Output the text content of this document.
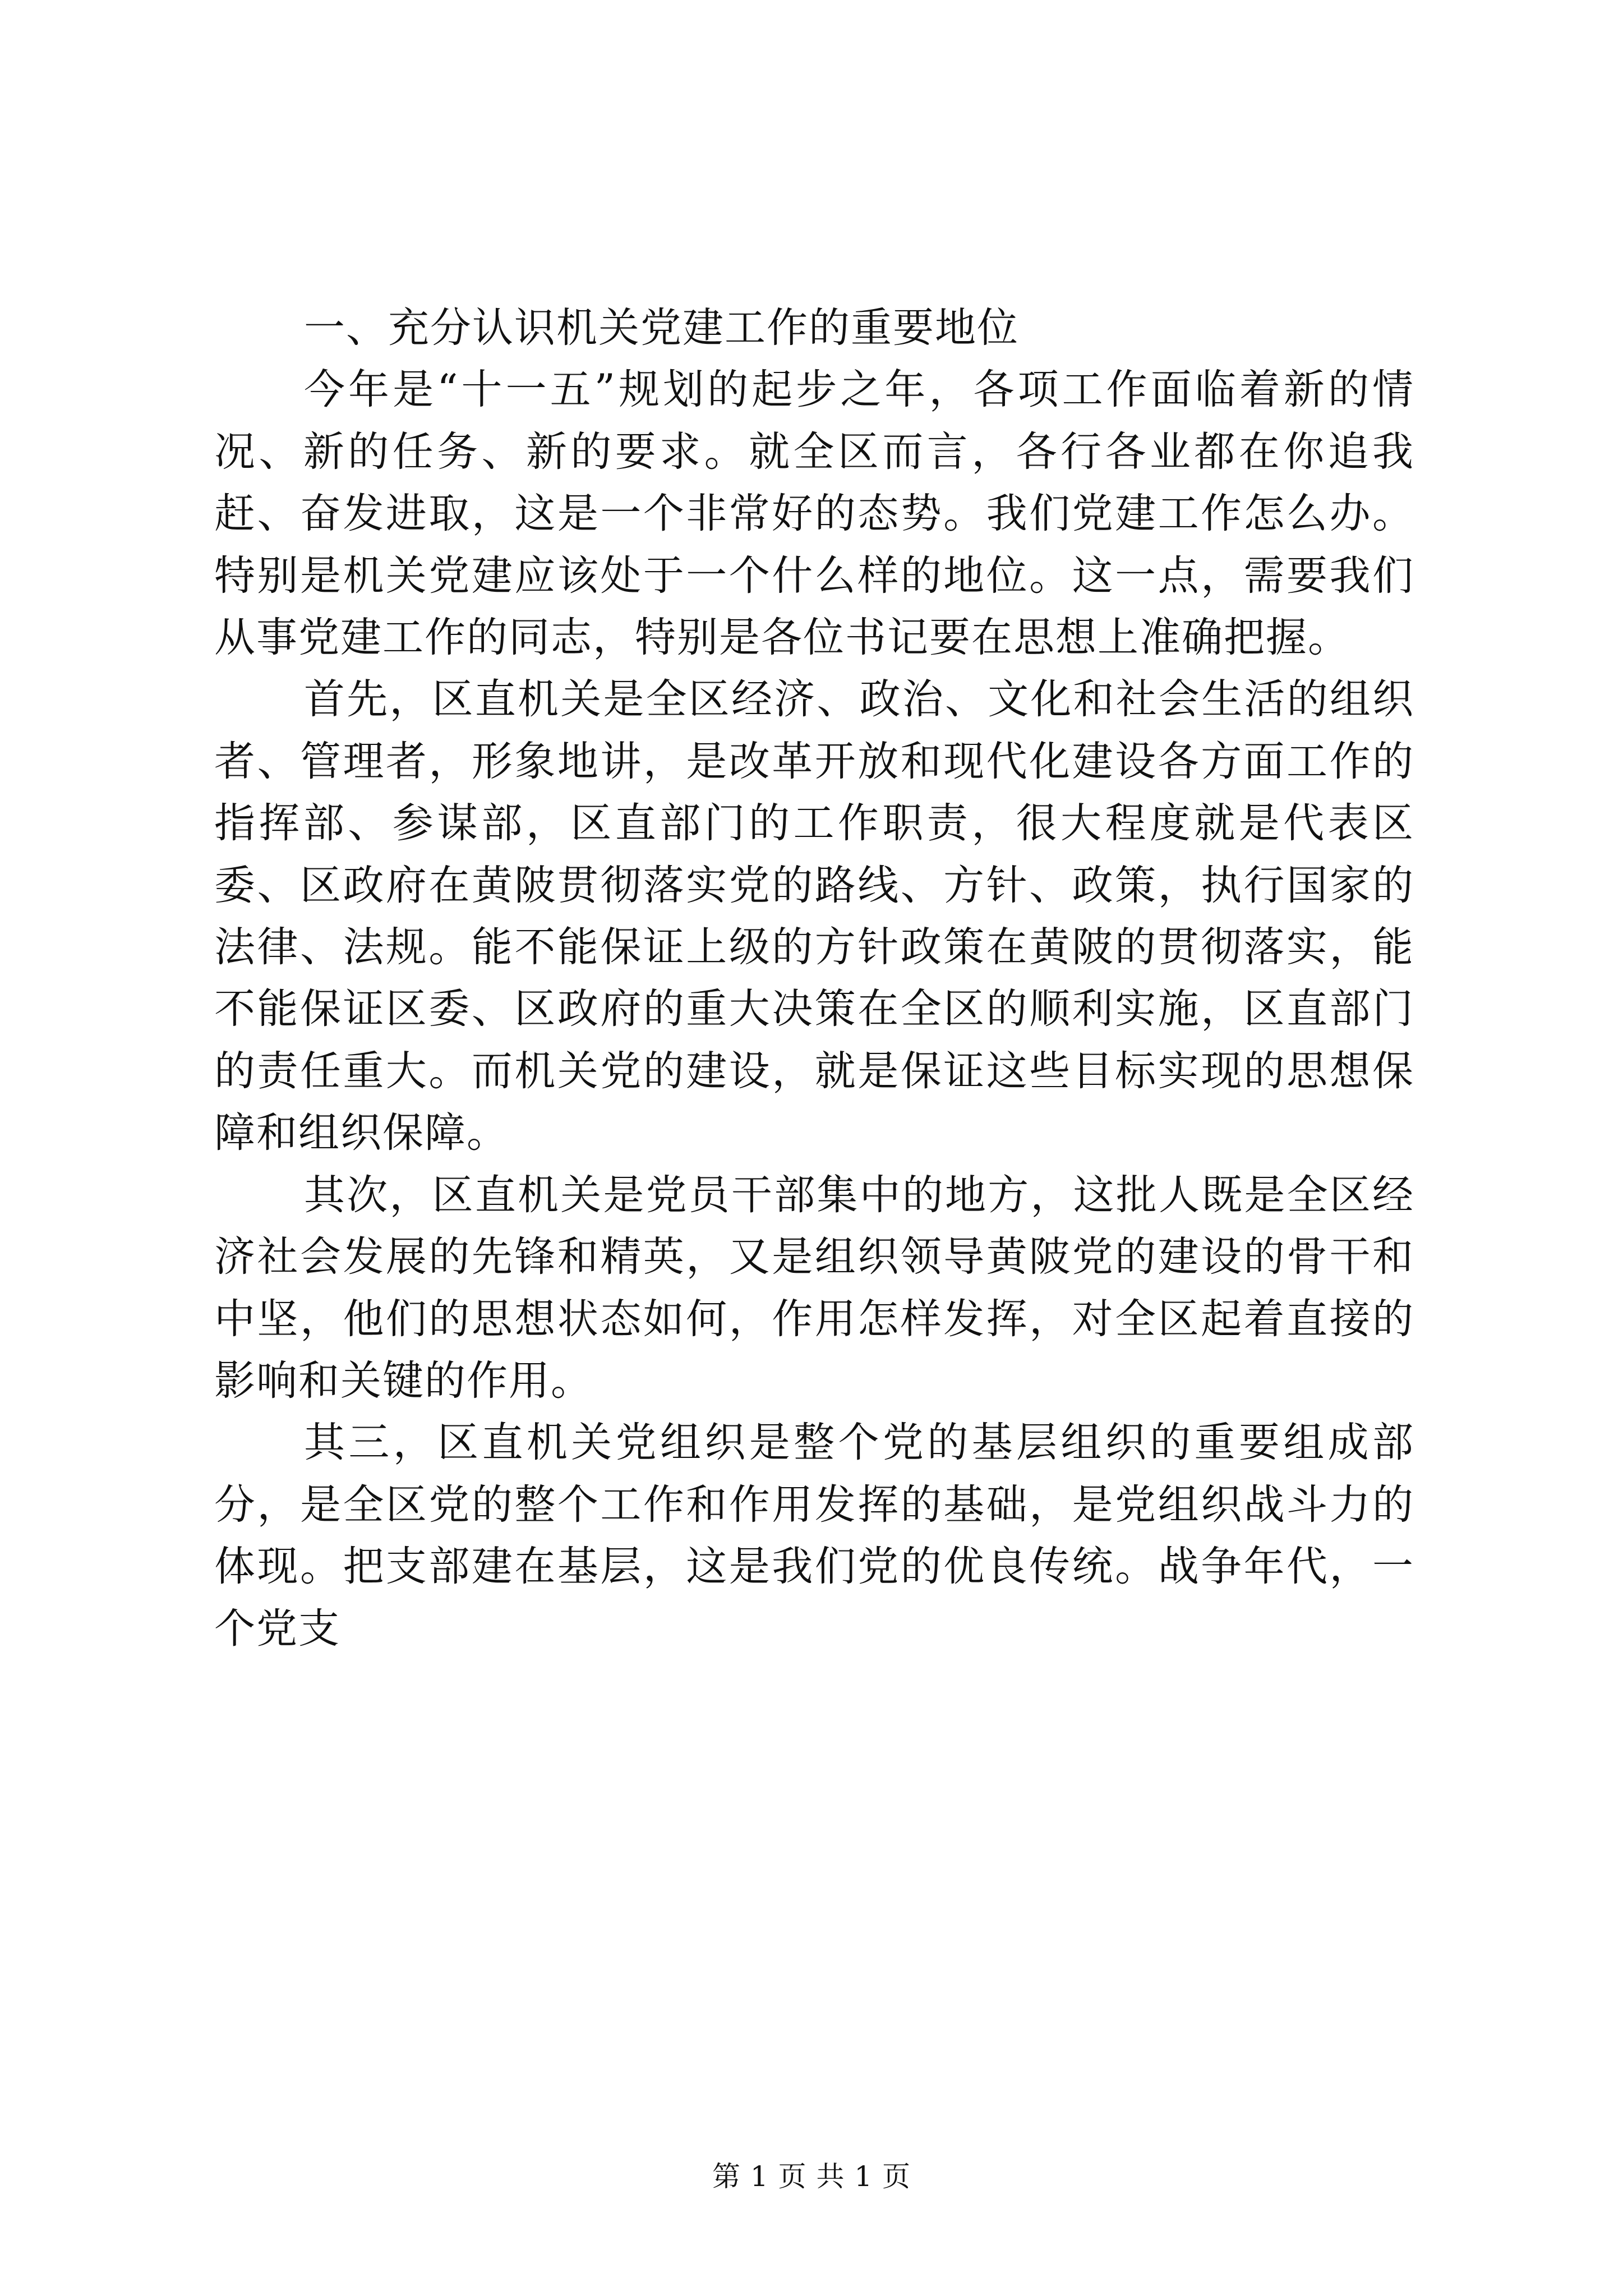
一、充分认识机关党建工作的重要地位

今年是“十一五”规划的起步之年，各项工作面临着新的情况、新的任务、新的要求。就全区而言，各行各业都在你追我赶、奋发进取，这是一个非常好的态势。我们党建工作怎么办。特别是机关党建应该处于一个什么样的地位。这一点，需要我们从事党建工作的同志，特别是各位书记要在思想上准确把握。

首先，区直机关是全区经济、政治、文化和社会生活的组织者、管理者，形象地讲，是改革开放和现代化建设各方面工作的指挥部、参谋部，区直部门的工作职责，很大程度就是代表区委、区政府在黄陂贯彻落实党的路线、方针、政策，执行国家的法律、法规。能不能保证上级的方针政策在黄陂的贯彻落实，能不能保证区委、区政府的重大决策在全区的顺利实施，区直部门的责任重大。而机关党的建设，就是保证这些目标实现的思想保障和组织保障。

其次，区直机关是党员干部集中的地方，这批人既是全区经济社会发展的先锋和精英，又是组织领导黄陂党的建设的骨干和中坚，他们的思想状态如何，作用怎样发挥，对全区起着直接的影响和关键的作用。

其三，区直机关党组织是整个党的基层组织的重要组成部分，是全区党的整个工作和作用发挥的基础，是党组织战斗力的体现。把支部建在基层，这是我们党的优良传统。战争年代，一个党支

第 1 页 共 1 页
